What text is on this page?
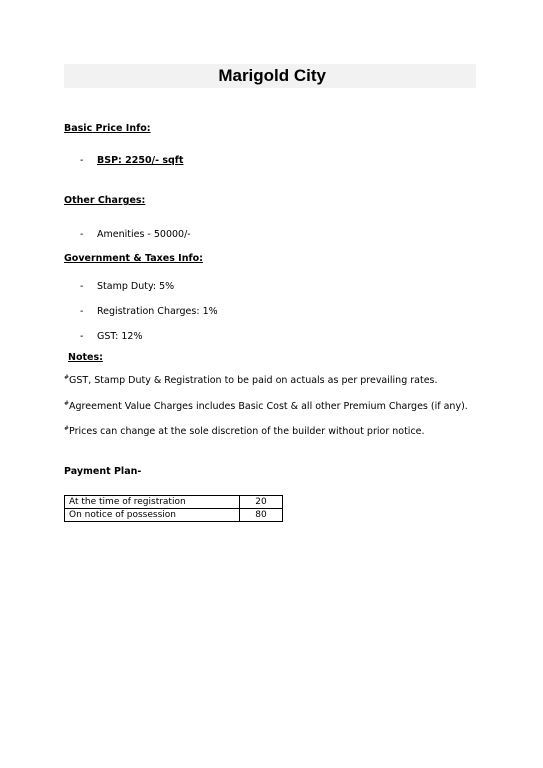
Marigold City
Basic Price Info:
- BSP: 2250/- sqft
Other Charges:
- Amenities - 50000/-
Government & Taxes Info:
- Stamp Duty: 5%
- Registration Charges: 1%
- GST: 12%
Notes:
#GST, Stamp Duty & Registration to be paid on actuals as per prevailing rates.
#Agreement Value Charges includes Basic Cost & all other Premium Charges (if any).
#Prices can change at the sole discretion of the builder without prior notice.
Payment Plan-
At the time of registration	20
On notice of possession	80
